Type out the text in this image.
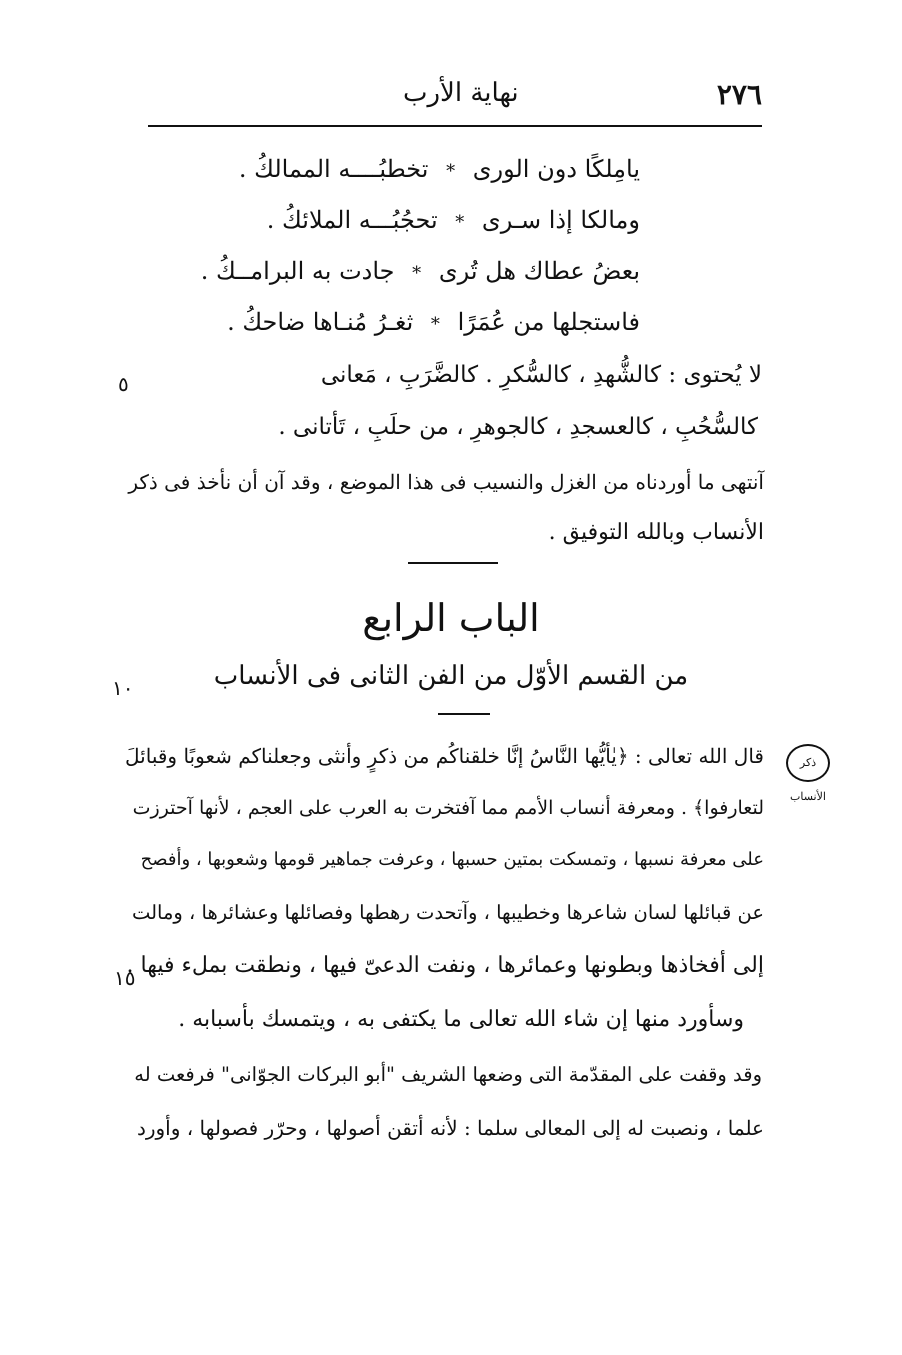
٢٧٦
نهاية الأرب
يامِلكًا دون الورى * تخطبُــــه الممالكُ .
ومالكا إذا سـرى * تحجُبُـــه الملائكُ .
بعضُ عطاك هل تُرى * جادت به البرامــكُ .
فاستجلها من عُمَرًا * ثغـرُ مُنـاها ضاحكُ .
لا يُحتوى : كالشُّهدِ ، كالسُّكرِ . كالضَّرَبِ ، مَعانى
كالسُّحُبِ ، كالعسجدِ ، كالجوهرِ ، من حلَبِ ، تَأتانى .
آنتهى ما أوردناه من الغزل والنسيب فى هذا الموضع ، وقد آن أن نأخذ فى ذكر
الأنساب وبالله التوفيق .
الباب الرابع
من القسم الأوّل من الفن الثانى فى الأنساب
ذكر الأنساب
قال الله تعالى : ﴿يٰأيُّها النَّاسُ إنَّا خلقناكُم من ذكرٍ وأنثى وجعلناكم شعوبًا وقبائلَ
لتعارفوا﴾ . ومعرفة أنساب الأمم مما آفتخرت به العرب على العجم ، لأنها آحترزت
على معرفة نسبها ، وتمسكت بمتين حسبها ، وعرفت جماهير قومها وشعوبها ، وأفصح
عن قبائلها لسان شاعرها وخطيبها ، وآتحدت رهطها وفصائلها وعشائرها ، ومالت
إلى أفخاذها وبطونها وعمائرها ، ونفت الدعىّ فيها ، ونطقت بملء فيها .
وسأورد منها إن شاء الله تعالى ما يكتفى به ، ويتمسك بأسبابه .
وقد وقفت على المقدّمة التى وضعها الشريف "أبو البركات الجوّانى" فرفعت له
علما ، ونصبت له إلى المعالى سلما : لأنه أتقن أصولها ، وحرّر فصولها ، وأورد
٥
١٠
١٥
